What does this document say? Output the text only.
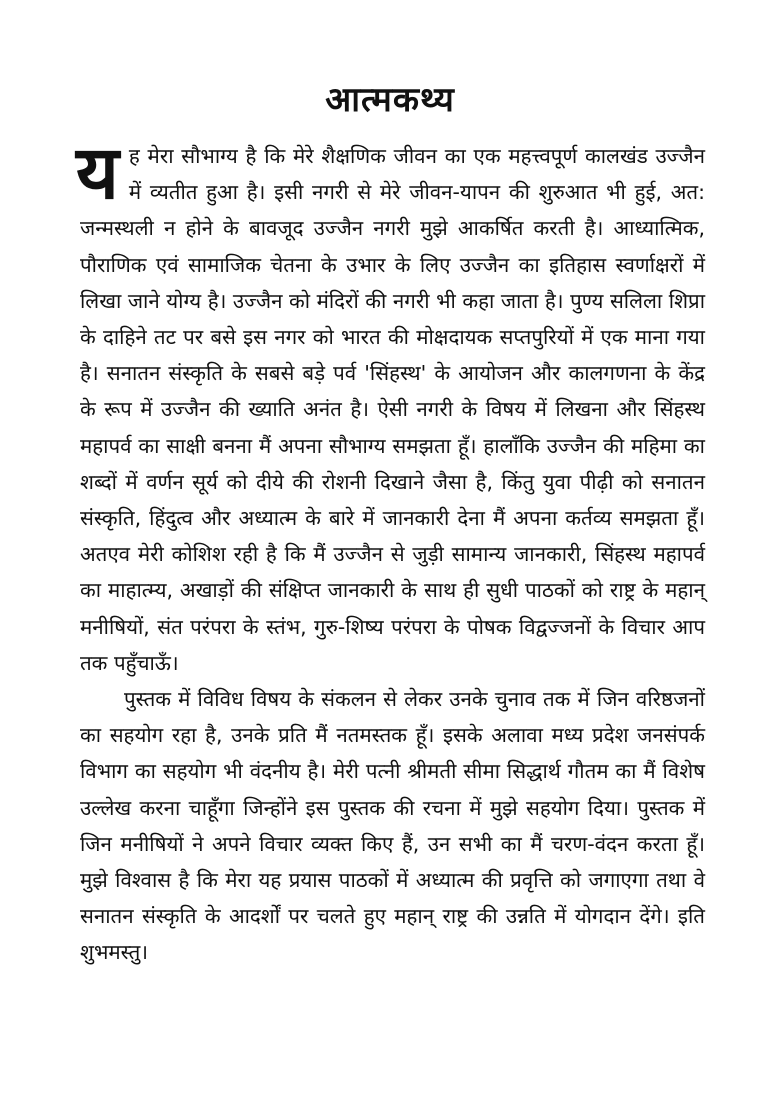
आत्मकथ्य

यह मेरा सौभाग्य है कि मेरे शैक्षणिक जीवन का एक महत्त्वपूर्ण कालखंड उज्जैन में व्यतीत हुआ है। इसी नगरी से मेरे जीवन-यापन की शुरुआत भी हुई, अत: जन्मस्थली न होने के बावजूद उज्जैन नगरी मुझे आकर्षित करती है। आध्यात्मिक, पौराणिक एवं सामाजिक चेतना के उभार के लिए उज्जैन का इतिहास स्वर्णाक्षरों में लिखा जाने योग्य है। उज्जैन को मंदिरों की नगरी भी कहा जाता है। पुण्य सलिला शिप्रा के दाहिने तट पर बसे इस नगर को भारत की मोक्षदायक सप्तपुरियों में एक माना गया है। सनातन संस्कृति के सबसे बड़े पर्व 'सिंहस्थ' के आयोजन और कालगणना के केंद्र के रूप में उज्जैन की ख्याति अनंत है। ऐसी नगरी के विषय में लिखना और सिंहस्थ महापर्व का साक्षी बनना मैं अपना सौभाग्य समझता हूँ। हालाँकि उज्जैन की महिमा का शब्दों में वर्णन सूर्य को दीये की रोशनी दिखाने जैसा है, किंतु युवा पीढ़ी को सनातन संस्कृति, हिंदुत्व और अध्यात्म के बारे में जानकारी देना मैं अपना कर्तव्य समझता हूँ। अतएव मेरी कोशिश रही है कि मैं उज्जैन से जुड़ी सामान्य जानकारी, सिंहस्थ महापर्व का माहात्म्य, अखाड़ों की संक्षिप्त जानकारी के साथ ही सुधी पाठकों को राष्ट्र के महान् मनीषियों, संत परंपरा के स्तंभ, गुरु-शिष्य परंपरा के पोषक विद्वज्जनों के विचार आप तक पहुँचाऊँ।

पुस्तक में विविध विषय के संकलन से लेकर उनके चुनाव तक में जिन वरिष्ठजनों का सहयोग रहा है, उनके प्रति मैं नतमस्तक हूँ। इसके अलावा मध्य प्रदेश जनसंपर्क विभाग का सहयोग भी वंदनीय है। मेरी पत्नी श्रीमती सीमा सिद्धार्थ गौतम का मैं विशेष उल्लेख करना चाहूँगा जिन्होंने इस पुस्तक की रचना में मुझे सहयोग दिया। पुस्तक में जिन मनीषियों ने अपने विचार व्यक्त किए हैं, उन सभी का मैं चरण-वंदन करता हूँ। मुझे विश्वास है कि मेरा यह प्रयास पाठकों में अध्यात्म की प्रवृत्ति को जगाएगा तथा वे सनातन संस्कृति के आदर्शों पर चलते हुए महान् राष्ट्र की उन्नति में योगदान देंगे। इति शुभमस्तु।
